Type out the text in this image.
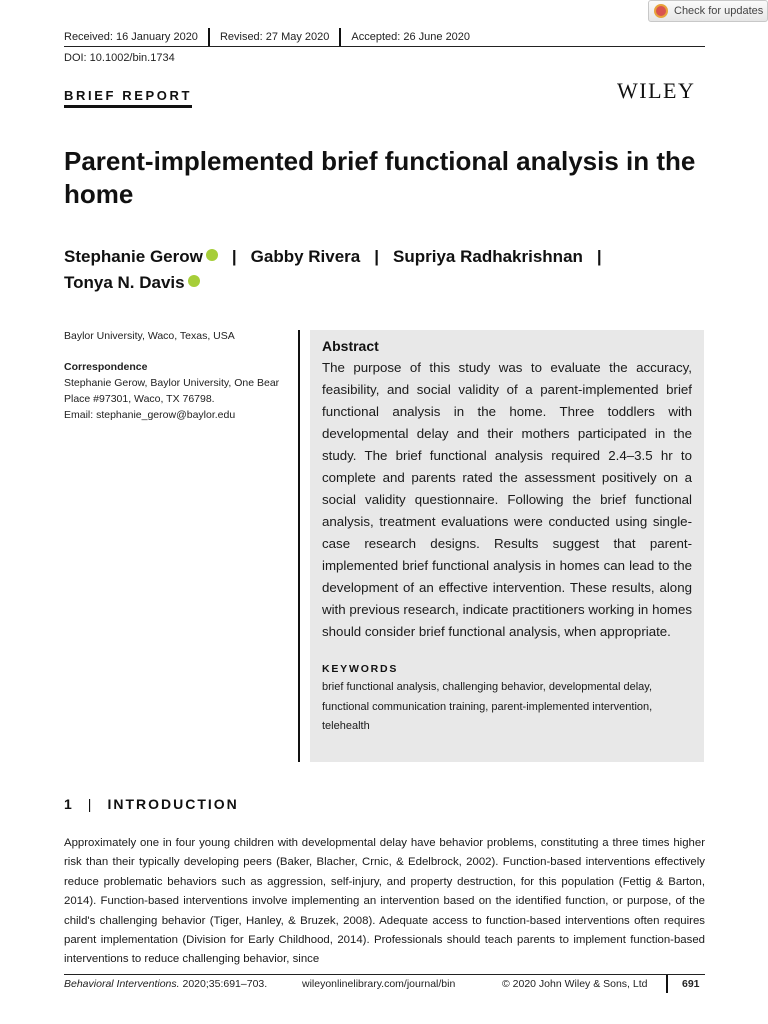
Check for updates
Received: 16 January 2020	Revised: 27 May 2020	Accepted: 26 June 2020
DOI: 10.1002/bin.1734
BRIEF REPORT	WILEY
Parent-implemented brief functional analysis in the home
Stephanie Gerow | Gabby Rivera | Supriya Radhakrishnan |
Tonya N. Davis
Baylor University, Waco, Texas, USA
Correspondence
Stephanie Gerow, Baylor University, One Bear Place #97301, Waco, TX 76798.
Email: stephanie_gerow@baylor.edu
Abstract

The purpose of this study was to evaluate the accuracy, feasibility, and social validity of a parent-implemented brief functional analysis in the home. Three toddlers with developmental delay and their mothers participated in the study. The brief functional analysis required 2.4–3.5 hr to complete and parents rated the assessment positively on a social validity questionnaire. Following the brief functional analysis, treatment evaluations were conducted using single-case research designs. Results suggest that parent-implemented brief functional analysis in homes can lead to the development of an effective intervention. These results, along with previous research, indicate practitioners working in homes should consider brief functional analysis, when appropriate.

KEYWORDS

brief functional analysis, challenging behavior, developmental delay, functional communication training, parent-implemented intervention, telehealth

1 | INTRODUCTION

Approximately one in four young children with developmental delay have behavior problems, constituting a three times higher risk than their typically developing peers (Baker, Blacher, Crnic, & Edelbrock, 2002). Function-based interventions effectively reduce problematic behaviors such as aggression, self-injury, and property destruction, for this population (Fettig & Barton, 2014). Function-based interventions involve implementing an intervention based on the identified function, or purpose, of the child's challenging behavior (Tiger, Hanley, & Bruzek, 2008). Adequate access to function-based interventions often requires parent implementation (Division for Early Childhood, 2014). Professionals should teach parents to implement function-based interventions to reduce challenging behavior, since

Behavioral Interventions. 2020;35:691–703.	wileyonlinelibrary.com/journal/bin	© 2020 John Wiley & Sons, Ltd	691
